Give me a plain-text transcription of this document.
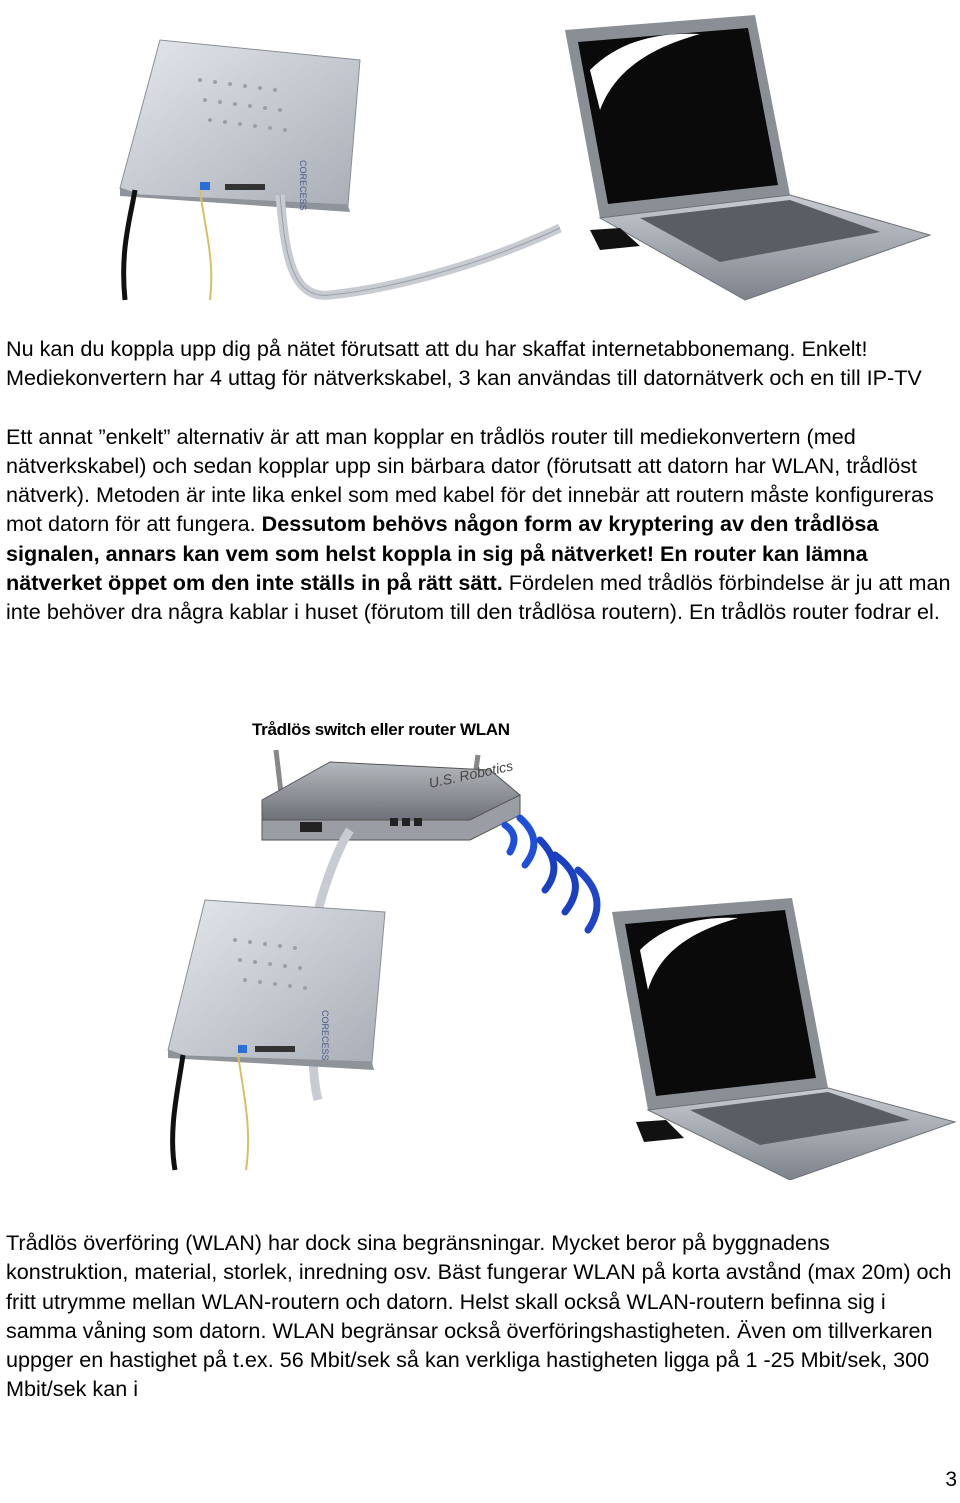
CORECESS

Nu kan du koppla upp dig på nätet förutsatt att du har skaffat internetabbonemang. Enkelt! Mediekonvertern har 4 uttag för nätverkskabel, 3 kan användas till datornätverk och en till IP-TV

Ett annat ”enkelt” alternativ är att man kopplar en trådlös router till mediekonvertern (med nätverkskabel) och sedan kopplar upp sin bärbara dator (förutsatt att datorn har WLAN, trådlöst nätverk). Metoden är inte lika enkel som med kabel för det innebär att routern måste konfigureras mot datorn för att fungera. Dessutom behövs någon form av kryptering av den trådlösa signalen, annars kan vem som helst koppla in sig på nätverket! En router kan lämna nätverket öppet om den inte ställs in på rätt sätt. Fördelen med trådlös förbindelse är ju att man inte behöver dra några kablar i huset (förutom till den trådlösa routern). En trådlös router fodrar el.

Trådlös switch eller router WLAN
U.S. Robotics
CORECESS

Trådlös överföring (WLAN) har dock sina begränsningar. Mycket beror på byggnadens konstruktion, material, storlek, inredning osv. Bäst fungerar WLAN på korta avstånd (max 20m) och fritt utrymme mellan WLAN-routern och datorn. Helst skall också WLAN-routern befinna sig i samma våning som datorn. WLAN begränsar också överföringshastigheten. Även om tillverkaren uppger en hastighet på t.ex. 56 Mbit/sek så kan verkliga hastigheten ligga på 1 -25 Mbit/sek, 300 Mbit/sek kan i

3
